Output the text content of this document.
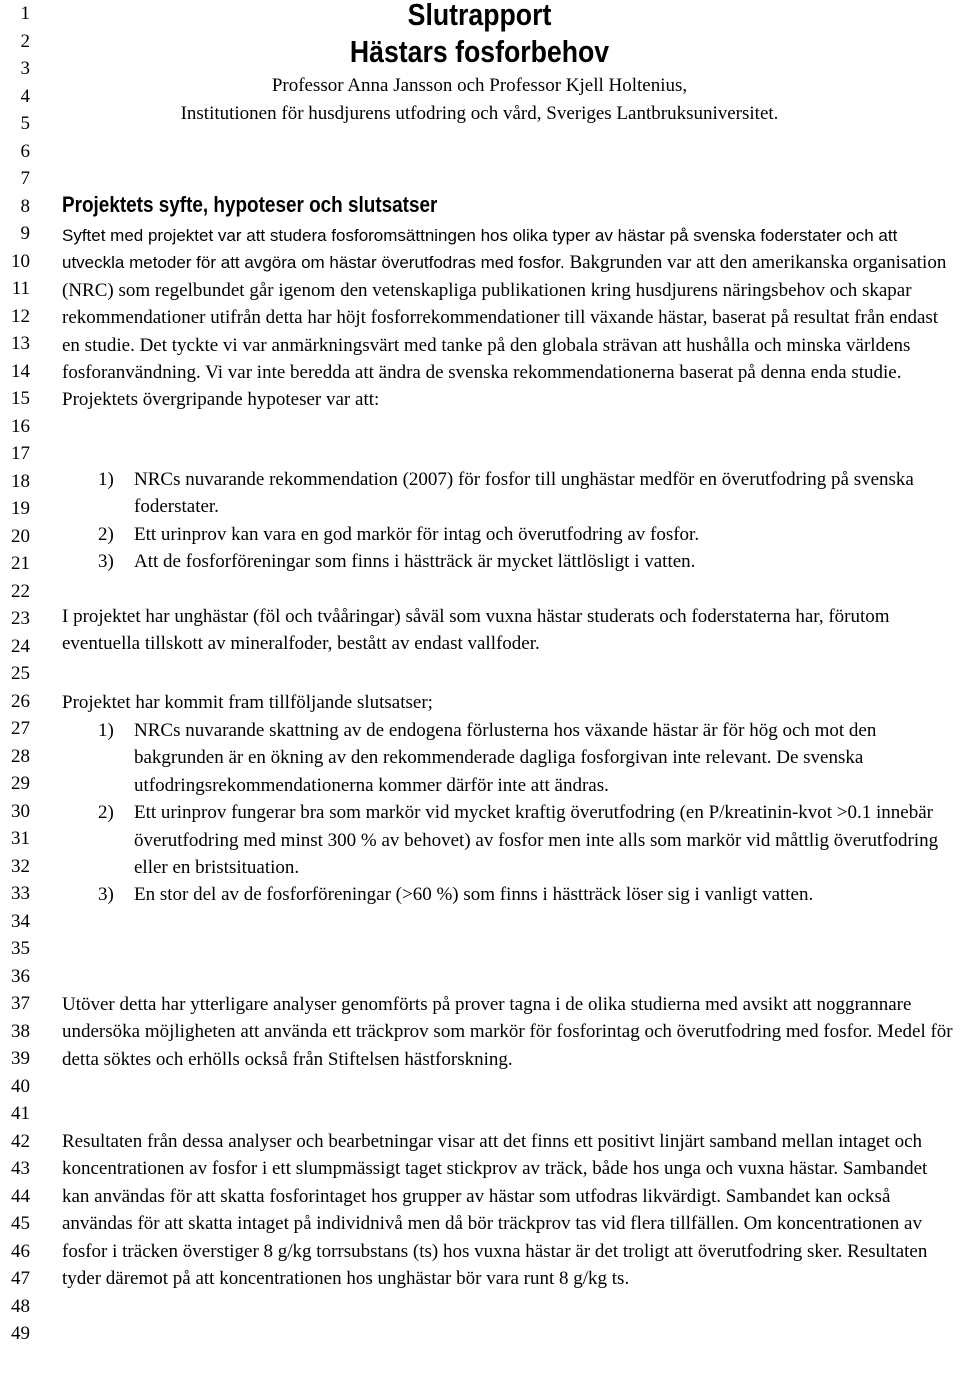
1
2
3
4
5
6
7
8
9
10
11
12
13
14
15
16
17
18
19
20
21
22
23
24
25
26
27
28
29
30
31
32
33
34
35
36
37
38
39
40
41
42
43
44
45
46
47
48
49
Slutrapport
Hästars fosforbehov
Professor Anna Jansson och Professor Kjell Holtenius,
Institutionen för husdjurens utfodring och vård, Sveriges Lantbruksuniversitet.
Projektets syfte, hypoteser och slutsatser
Syftet med projektet var att studera fosforomsättningen hos olika typer av hästar på svenska foderstater och att utveckla metoder för att avgöra om hästar överutfodras med fosfor. Bakgrunden var att den amerikanska organisation (NRC) som regelbundet går igenom den vetenskapliga publikationen kring husdjurens näringsbehov och skapar rekommendationer utifrån detta har höjt fosforrekommendationer till växande hästar, baserat på resultat från endast en studie. Det tyckte vi var anmärkningsvärt med tanke på den globala strävan att hushålla och minska världens fosforanvändning. Vi var inte beredda att ändra de svenska rekommendationerna baserat på denna enda studie. Projektets övergripande hypoteser var att:
1) NRCs nuvarande rekommendation (2007) för fosfor till unghästar medför en överutfodring på svenska foderstater.
2) Ett urinprov kan vara en god markör för intag och överutfodring av fosfor.
3) Att de fosforföreningar som finns i hästträck är mycket lättlösligt i vatten.
I projektet har unghästar (föl och tvååringar) såväl som vuxna hästar studerats och foderstaterna har, förutom eventuella tillskott av mineralfoder, bestått av endast vallfoder.
Projektet har kommit fram tillföljande slutsatser;
1) NRCs nuvarande skattning av de endogena förlusterna hos växande hästar är för hög och mot den bakgrunden är en ökning av den rekommenderade dagliga fosforgivan inte relevant. De svenska utfodringsrekommendationerna kommer därför inte att ändras.
2) Ett urinprov fungerar bra som markör vid mycket kraftig överutfodring (en P/kreatinin-kvot >0.1 innebär överutfodring med minst 300 % av behovet) av fosfor men inte alls som markör vid måttlig överutfodring eller en bristsituation.
3) En stor del av de fosforföreningar (>60 %) som finns i hästträck löser sig i vanligt vatten.
Utöver detta har ytterligare analyser genomförts på prover tagna i de olika studierna med avsikt att noggrannare undersöka möjligheten att använda ett träckprov som markör för fosforintag och överutfodring med fosfor. Medel för detta söktes och erhölls också från Stiftelsen hästforskning.
Resultaten från dessa analyser och bearbetningar visar att det finns ett positivt linjärt samband mellan intaget och koncentrationen av fosfor i ett slumpmässigt taget stickprov av träck, både hos unga och vuxna hästar. Sambandet kan användas för att skatta fosforintaget hos grupper av hästar som utfodras likvärdigt. Sambandet kan också användas för att skatta intaget på individnivå men då bör träckprov tas vid flera tillfällen. Om koncentrationen av fosfor i träcken överstiger 8 g/kg torrsubstans (ts) hos vuxna hästar är det troligt att överutfodring sker. Resultaten tyder däremot på att koncentrationen hos unghästar bör vara runt 8 g/kg ts.
